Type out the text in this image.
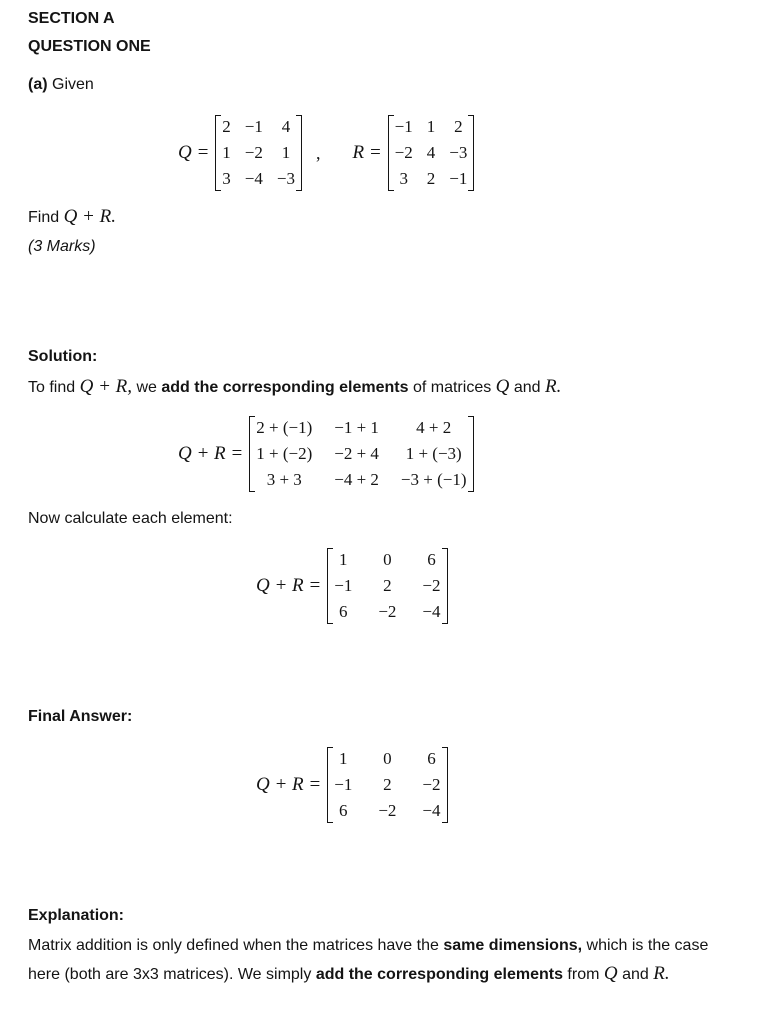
SECTION A
QUESTION ONE
(a) Given
Q =
2 −1 4
1 −2 1
3 −4 −3
, R =
−1 1 2
−2 4 −3
3 2 −1
Find Q + R.
(3 Marks)
Solution:
To find Q + R, we add the corresponding elements of matrices Q and R.
Q + R =
2 + (−1) −1 + 1 4 + 2
1 + (−2) −2 + 4 1 + (−3)
3 + 3 −4 + 2 −3 + (−1)
Now calculate each element:
Q + R =
1 0 6
−1 2 −2
6 −2 −4
Final Answer:
Q + R =
1 0 6
−1 2 −2
6 −2 −4
Explanation:
Matrix addition is only defined when the matrices have the same dimensions, which is the case here (both are 3x3 matrices). We simply add the corresponding elements from Q and R.
